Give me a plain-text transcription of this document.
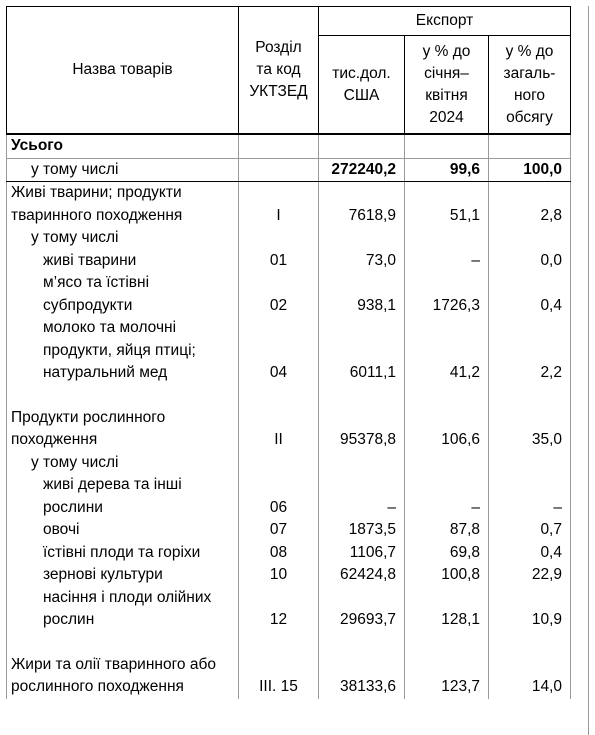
Назва товарів	Розділ та код УКТЗЕД	Експорт		
		тис.дол. США	у % до січня–квітня 2024	у % до загаль-ного обсягу
Усього				
у тому числі		272240,2	99,6	100,0
Живі тварини; продукти тваринного походження	I	7618,9	51,1	2,8
у тому числі				
живі тварини	01	73,0	–	0,0
м’ясо та їстівні субпродукти	02	938,1	1726,3	0,4
молоко та молочні продукти, яйця птиці; натуральний мед	04	6011,1	41,2	2,2

Продукти рослинного походження	II	95378,8	106,6	35,0
у тому числі				
живі дерева та інші рослини	06	–	–	–
овочі	07	1873,5	87,8	0,7
їстівні плоди та горіхи	08	1106,7	69,8	0,4
зернові культури	10	62424,8	100,8	22,9
насіння і плоди олійних рослин	12	29693,7	128,1	10,9

Жири та олії тваринного або рослинного походження	III. 15	38133,6	123,7	14,0
